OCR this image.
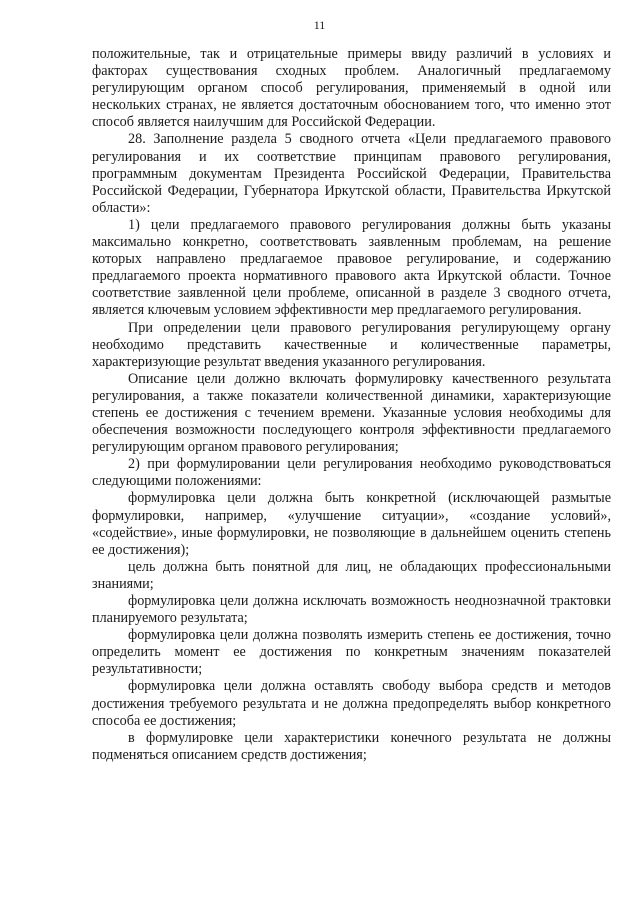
11

положительные, так и отрицательные примеры ввиду различий в условиях и факторах существования сходных проблем. Аналогичный предлагаемому регулирующим органом способ регулирования, применяемый в одной или нескольких странах, не является достаточным обоснованием того, что именно этот способ является наилучшим для Российской Федерации.

28. Заполнение раздела 5 сводного отчета «Цели предлагаемого правового регулирования и их соответствие принципам правового регулирования, программным документам Президента Российской Федерации, Правительства Российской Федерации, Губернатора Иркутской области, Правительства Иркутской области»:

1) цели предлагаемого правового регулирования должны быть указаны максимально конкретно, соответствовать заявленным проблемам, на решение которых направлено предлагаемое правовое регулирование, и содержанию предлагаемого проекта нормативного правового акта Иркутской области. Точное соответствие заявленной цели проблеме, описанной в разделе 3 сводного отчета, является ключевым условием эффективности мер предлагаемого регулирования.

При определении цели правового регулирования регулирующему органу необходимо представить качественные и количественные параметры, характеризующие результат введения указанного регулирования.

Описание цели должно включать формулировку качественного результата регулирования, а также показатели количественной динамики, характеризующие степень ее достижения с течением времени. Указанные условия необходимы для обеспечения возможности последующего контроля эффективности предлагаемого регулирующим органом правового регулирования;

2) при формулировании цели регулирования необходимо руководствоваться следующими положениями:

формулировка цели должна быть конкретной (исключающей размытые формулировки, например, «улучшение ситуации», «создание условий», «содействие», иные формулировки, не позволяющие в дальнейшем оценить степень ее достижения);

цель должна быть понятной для лиц, не обладающих профессиональными знаниями;

формулировка цели должна исключать возможность неоднозначной трактовки планируемого результата;

формулировка цели должна позволять измерить степень ее достижения, точно определить момент ее достижения по конкретным значениям показателей результативности;

формулировка цели должна оставлять свободу выбора средств и методов достижения требуемого результата и не должна предопределять выбор конкретного способа ее достижения;

в формулировке цели характеристики конечного результата не должны подменяться описанием средств достижения;
